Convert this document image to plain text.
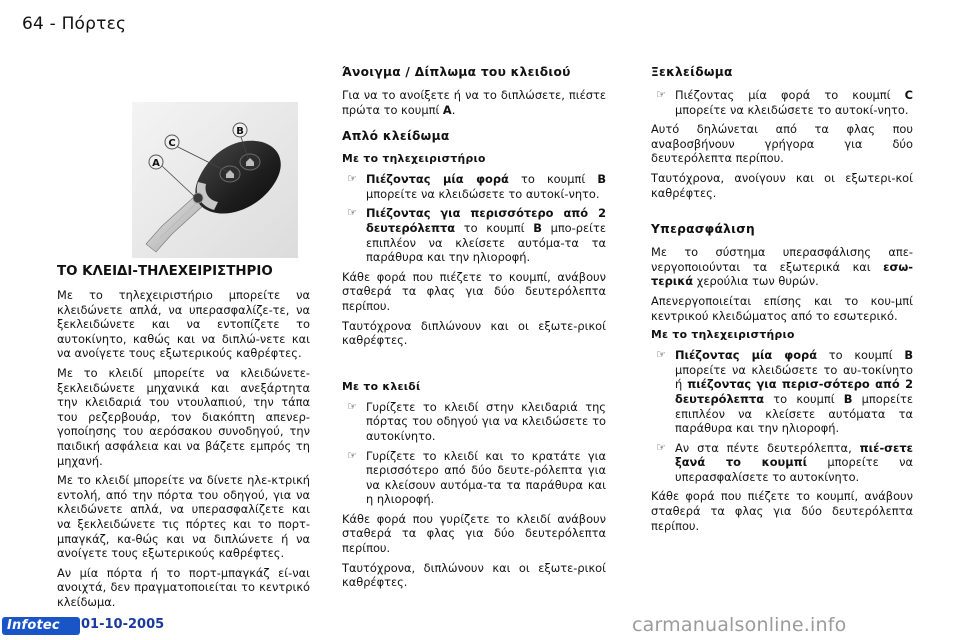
64 - Πόρτες
A
C
B
ΤΟ ΚΛΕΙΔΙ-ΤΗΛΕΧΕΙΡΙΣΤΗΡΙΟ

Με το τηλεχειριστήριο μπορείτε να κλειδώνετε απλά, να υπερασφαλίζε-τε, να ξεκλειδώνετε και να εντοπίζετε το αυτοκίνητο, καθώς και να διπλώ-νετε και να ανοίγετε τους εξωτερικούς καθρέφτες.

Με το κλειδί μπορείτε να κλειδώνετε-ξεκλειδώνετε μηχανικά και ανεξάρτητα την κλειδαριά του ντουλαπιού, την τάπα του ρεζερβουάρ, τον διακόπτη απενερ-γοποίησης του αερόσακου συνοδηγού, την παιδική ασφάλεια και να βάζετε εμπρός τη μηχανή.

Με το κλειδί μπορείτε να δίνετε ηλε-κτρική εντολή, από την πόρτα του οδηγού, για να κλειδώνετε απλά, να υπερασφαλίζετε και να ξεκλειδώνετε τις πόρτες και το πορτ-μπαγκάζ, κα-θώς και να διπλώνετε ή να ανοίγετε τους εξωτερικούς καθρέφτες.

Αν μία πόρτα ή το πορτ-μπαγκάζ εί-ναι ανοιχτά, δεν πραγματοποιείται το κεντρικό κλείδωμα.

Άνοιγμα / Δίπλωμα του κλειδιού

Για να το ανοίξετε ή να το διπλώσετε, πιέστε πρώτα το κουμπί A.

Απλό κλείδωμα
Με το τηλεχειριστήριο
☞ Πιέζοντας μία φορά το κουμπί B μπορείτε να κλειδώσετε το αυτοκί-νητο.
☞ Πιέζοντας για περισσότερο από 2 δευτερόλεπτα το κουμπί B μπο-ρείτε επιπλέον να κλείσετε αυτόμα-τα τα παράθυρα και την ηλιοροφή.

Κάθε φορά που πιέζετε το κουμπί, ανάβουν σταθερά τα φλας για δύο δευτερόλεπτα περίπου.

Ταυτόχρονα διπλώνουν και οι εξωτε-ρικοί καθρέφτες.

Με το κλειδί
☞ Γυρίζετε το κλειδί στην κλειδαριά της πόρτας του οδηγού για να κλειδώσετε το αυτοκίνητο.
☞ Γυρίζετε το κλειδί και το κρατάτε για περισσότερο από δύο δευτε-ρόλεπτα για να κλείσουν αυτόμα-τα τα παράθυρα και η ηλιοροφή.

Κάθε φορά που γυρίζετε το κλειδί ανάβουν σταθερά τα φλας για δύο δευτερόλεπτα περίπου.

Ταυτόχρονα, διπλώνουν και οι εξωτε-ρικοί καθρέφτες.

Ξεκλείδωμα
☞ Πιέζοντας μία φορά το κουμπί C μπορείτε να κλειδώσετε το αυτοκί-νητο.

Αυτό δηλώνεται από τα φλας που αναβοσβήνουν γρήγορα για δύο δευτερόλεπτα περίπου.

Ταυτόχρονα, ανοίγουν και οι εξωτερι-κοί καθρέφτες.

Υπερασφάλιση

Με το σύστημα υπερασφάλισης απε-νεργοποιούνται τα εξωτερικά και εσω-τερικά χερούλια των θυρών.

Απενεργοποιείται επίσης και το κου-μπί κεντρικού κλειδώματος από το εσωτερικό.

Με το τηλεχειριστήριο
☞ Πιέζοντας μία φορά το κουμπί B μπορείτε να κλειδώσετε το αυ-τοκίνητο ή πιέζοντας για περισ-σότερο από 2 δευτερόλεπτα το κουμπί B μπορείτε επιπλέον να κλείσετε αυτόματα τα παράθυρα και την ηλιοροφή.
☞ Αν στα πέντε δευτερόλεπτα, πιέ-σετε ξανά το κουμπί μπορείτε να υπερασφαλίσετε το αυτοκίνητο.

Κάθε φορά που πιέζετε το κουμπί, ανάβουν σταθερά τα φλας για δύο δευτερόλεπτα περίπου.

Infotec 01-10-2005	carmanualsonline.info
